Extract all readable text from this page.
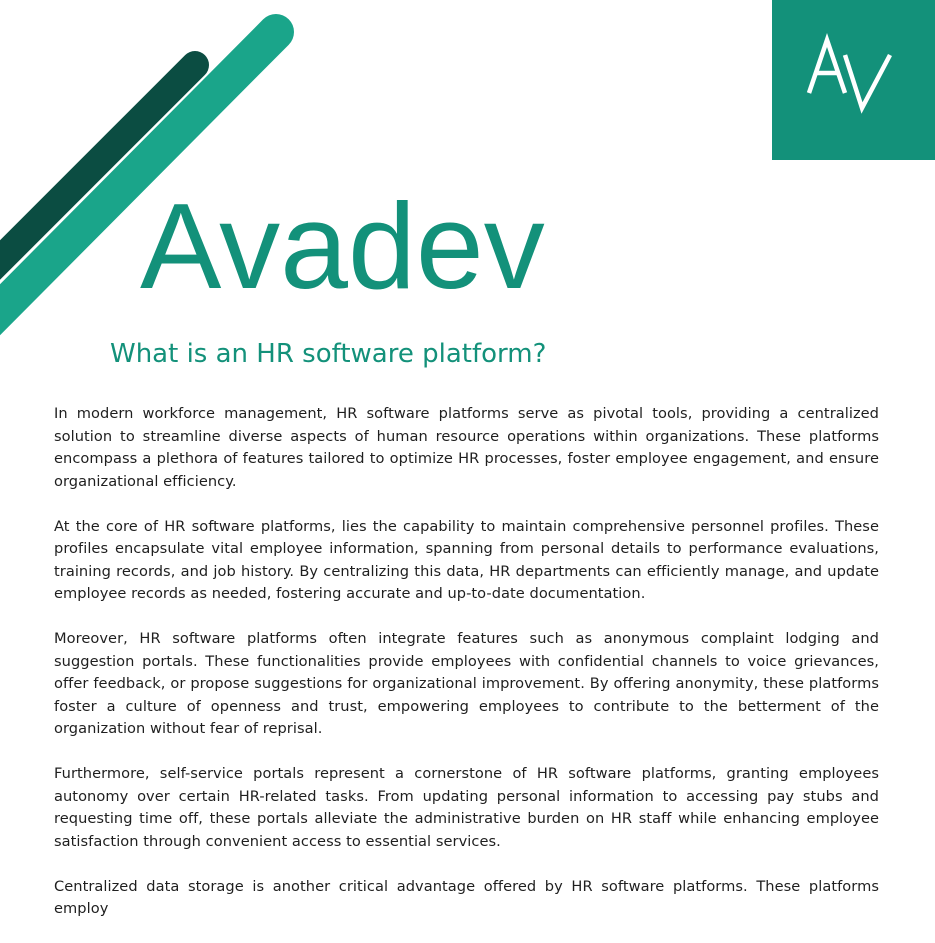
Avadev
What is an HR software platform?

In modern workforce management, HR software platforms serve as pivotal tools, providing a centralized solution to streamline diverse aspects of human resource operations within organizations. These platforms encompass a plethora of features tailored to optimize HR processes, foster employee engagement, and ensure organizational efficiency.

At the core of HR software platforms, lies the capability to maintain comprehensive personnel profiles. These profiles encapsulate vital employee information, spanning from personal details to performance evaluations, training records, and job history. By centralizing this data, HR departments can efficiently manage, and update employee records as needed, fostering accurate and up-to-date documentation.

Moreover, HR software platforms often integrate features such as anonymous complaint lodging and suggestion portals. These functionalities provide employees with confidential channels to voice grievances, offer feedback, or propose suggestions for organizational improvement. By offering anonymity, these platforms foster a culture of openness and trust, empowering employees to contribute to the betterment of the organization without fear of reprisal.

Furthermore, self-service portals represent a cornerstone of HR software platforms, granting employees autonomy over certain HR-related tasks. From updating personal information to accessing pay stubs and requesting time off, these portals alleviate the administrative burden on HR staff while enhancing employee satisfaction through convenient access to essential services.

Centralized data storage is another critical advantage offered by HR software platforms. These platforms employ
